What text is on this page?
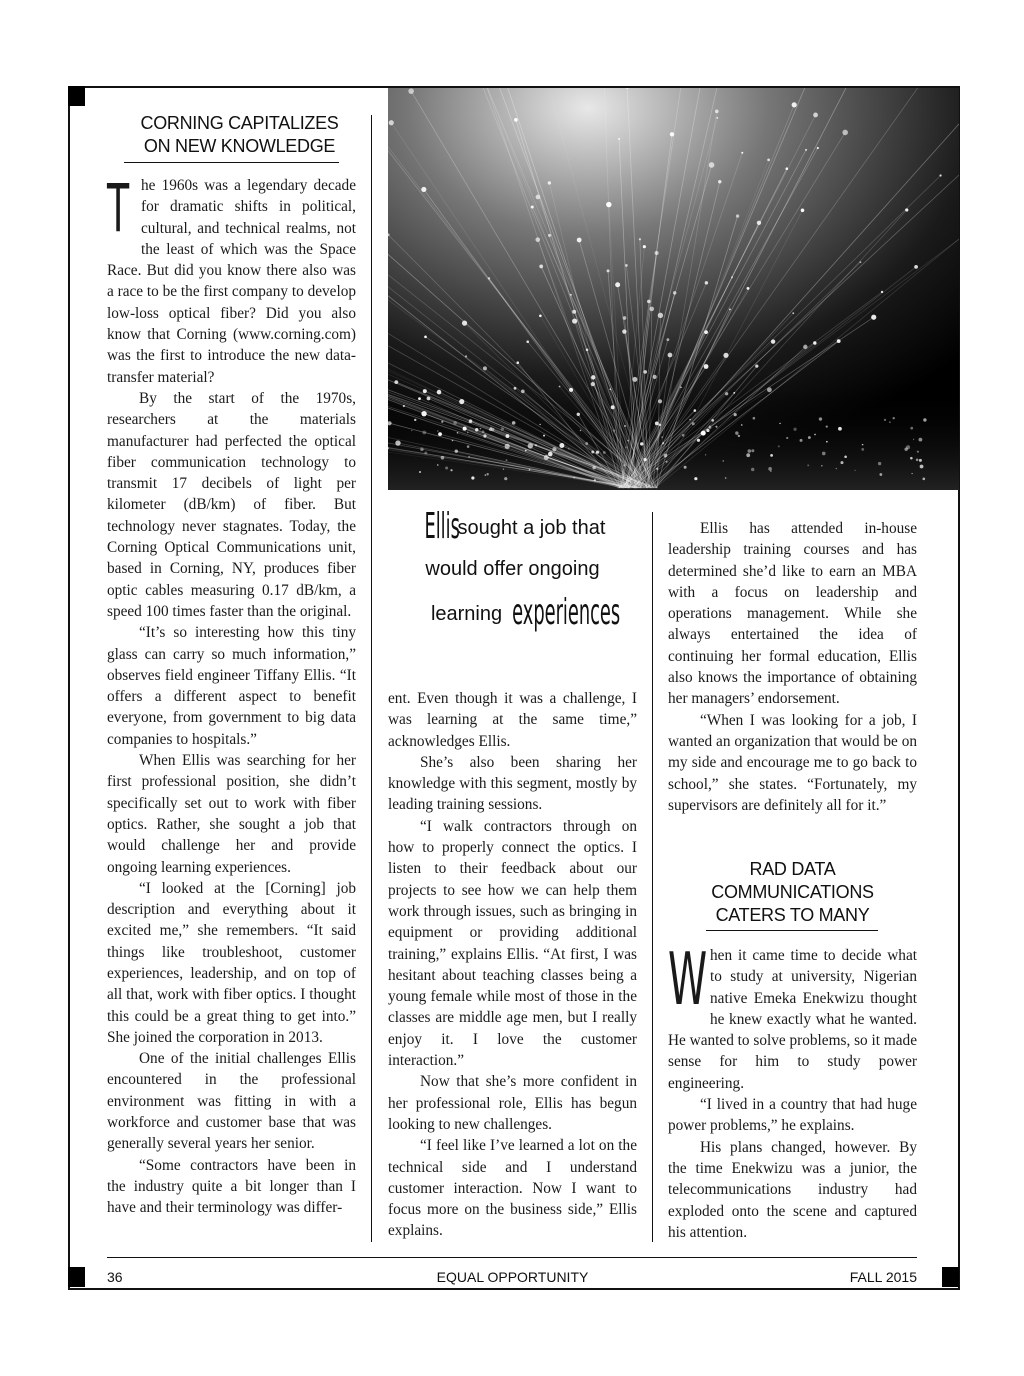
CORNING CAPITALIZES
ON NEW KNOWLEDGE

The 1960s was a legendary decade for dramatic shifts in political, cultural, and technical realms, not the least of which was the Space Race. But did you know there also was a race to be the first company to develop low-loss optical fiber? Did you also know that Corning (www.corning.com) was the first to introduce the new data-transfer material?

By the start of the 1970s, researchers at the materials manufacturer had perfected the optical fiber communication technology to transmit 17 decibels of light per kilometer (dB/km) of fiber. But technology never stagnates. Today, the Corning Optical Communications unit, based in Corning, NY, produces fiber optic cables measuring 0.17 dB/km, a speed 100 times faster than the original.

“It’s so interesting how this tiny glass can carry so much information,” observes field engineer Tiffany Ellis. “It offers a different aspect to benefit everyone, from government to big data companies to hospitals.”

When Ellis was searching for her first professional position, she didn’t specifically set out to work with fiber optics. Rather, she sought a job that would challenge her and provide ongoing learning experiences.

“I looked at the [Corning] job description and everything about it excited me,” she remembers. “It said things like troubleshoot, customer experiences, leadership, and on top of all that, work with fiber optics. I thought this could be a great thing to get into.” She joined the corporation in 2013.

One of the initial challenges Ellis encountered in the professional environment was fitting in with a workforce and customer base that was generally several years her senior.

“Some contractors have been in the industry quite a bit longer than I have and their terminology was differ-

Ellis sought a job that
would offer ongoing
learning experiences

ent. Even though it was a challenge, I was learning at the same time,” acknowledges Ellis.

She’s also been sharing her knowledge with this segment, mostly by leading training sessions.

“I walk contractors through on how to properly connect the optics. I listen to their feedback about our projects to see how we can help them work through issues, such as bringing in equipment or providing additional training,” explains Ellis. “At first, I was hesitant about teaching classes being a young female while most of those in the classes are middle age men, but I really enjoy it. I love the customer interaction.”

Now that she’s more confident in her professional role, Ellis has begun looking to new challenges.

“I feel like I’ve learned a lot on the technical side and I understand customer interaction. Now I want to focus more on the business side,” Ellis explains.

Ellis has attended in-house leadership training courses and has determined she’d like to earn an MBA with a focus on leadership and operations management. While she always entertained the idea of continuing her formal education, Ellis also knows the importance of obtaining her managers’ endorsement.

“When I was looking for a job, I wanted an organization that would be on my side and encourage me to go back to school,” she states. “Fortunately, my supervisors are definitely all for it.”

RAD DATA
COMMUNICATIONS
CATERS TO MANY

When it came time to decide what to study at university, Nigerian native Emeka Enekwizu thought he knew exactly what he wanted. He wanted to solve problems, so it made sense for him to study power engineering.

“I lived in a country that had huge power problems,” he explains.

His plans changed, however. By the time Enekwizu was a junior, the telecommunications industry had exploded onto the scene and captured his attention.

36	EQUAL OPPORTUNITY	FALL 2015
